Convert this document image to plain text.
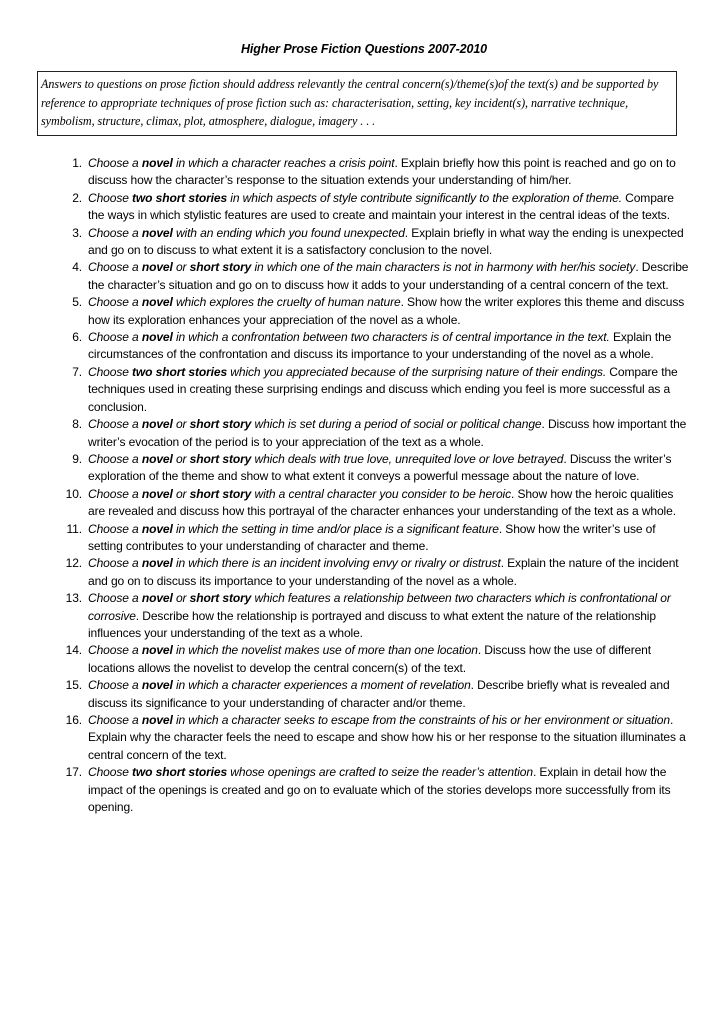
Higher Prose Fiction Questions 2007-2010
Answers to questions on prose fiction should address relevantly the central concern(s)/theme(s)of the text(s) and be supported by reference to appropriate techniques of prose fiction such as: characterisation, setting, key incident(s), narrative technique, symbolism, structure, climax, plot, atmosphere, dialogue, imagery . . .
1. Choose a novel in which a character reaches a crisis point. Explain briefly how this point is reached and go on to discuss how the character’s response to the situation extends your understanding of him/her.
2. Choose two short stories in which aspects of style contribute significantly to the exploration of theme. Compare the ways in which stylistic features are used to create and maintain your interest in the central ideas of the texts.
3. Choose a novel with an ending which you found unexpected. Explain briefly in what way the ending is unexpected and go on to discuss to what extent it is a satisfactory conclusion to the novel.
4. Choose a novel or short story in which one of the main characters is not in harmony with her/his society. Describe the character’s situation and go on to discuss how it adds to your understanding of a central concern of the text.
5. Choose a novel which explores the cruelty of human nature. Show how the writer explores this theme and discuss how its exploration enhances your appreciation of the novel as a whole.
6. Choose a novel in which a confrontation between two characters is of central importance in the text. Explain the circumstances of the confrontation and discuss its importance to your understanding of the novel as a whole.
7. Choose two short stories which you appreciated because of the surprising nature of their endings. Compare the techniques used in creating these surprising endings and discuss which ending you feel is more successful as a conclusion.
8. Choose a novel or short story which is set during a period of social or political change. Discuss how important the writer’s evocation of the period is to your appreciation of the text as a whole.
9. Choose a novel or short story which deals with true love, unrequited love or love betrayed. Discuss the writer’s exploration of the theme and show to what extent it conveys a powerful message about the nature of love.
10. Choose a novel or short story with a central character you consider to be heroic. Show how the heroic qualities are revealed and discuss how this portrayal of the character enhances your understanding of the text as a whole.
11. Choose a novel in which the setting in time and/or place is a significant feature. Show how the writer’s use of setting contributes to your understanding of character and theme.
12. Choose a novel in which there is an incident involving envy or rivalry or distrust. Explain the nature of the incident and go on to discuss its importance to your understanding of the novel as a whole.
13. Choose a novel or short story which features a relationship between two characters which is confrontational or corrosive. Describe how the relationship is portrayed and discuss to what extent the nature of the relationship influences your understanding of the text as a whole.
14. Choose a novel in which the novelist makes use of more than one location. Discuss how the use of different locations allows the novelist to develop the central concern(s) of the text.
15. Choose a novel in which a character experiences a moment of revelation. Describe briefly what is revealed and discuss its significance to your understanding of character and/or theme.
16. Choose a novel in which a character seeks to escape from the constraints of his or her environment or situation. Explain why the character feels the need to escape and show how his or her response to the situation illuminates a central concern of the text.
17. Choose two short stories whose openings are crafted to seize the reader’s attention. Explain in detail how the impact of the openings is created and go on to evaluate which of the stories develops more successfully from its opening.
